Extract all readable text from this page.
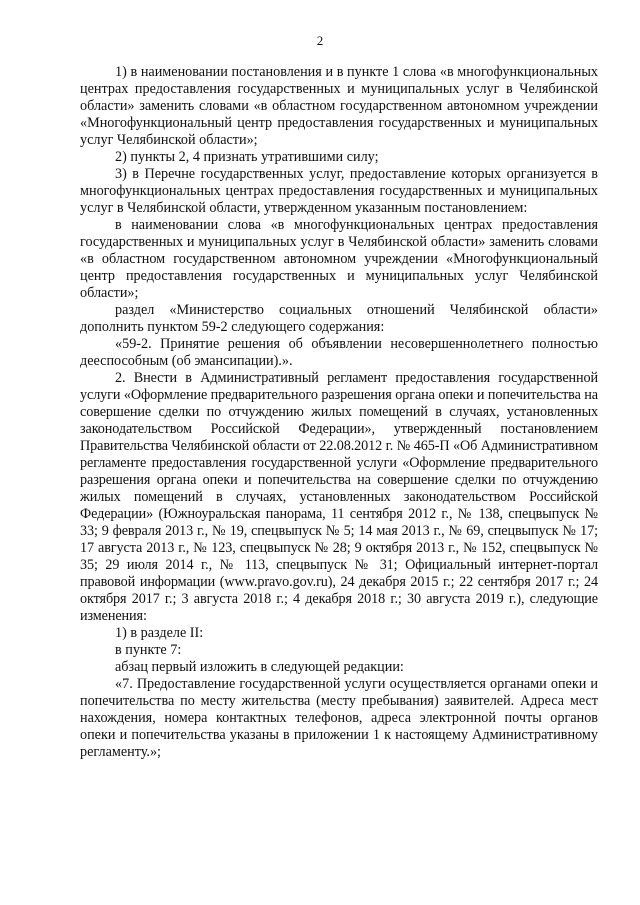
2

1) в наименовании постановления и в пункте 1 слова «в многофункциональных центрах предоставления государственных и муниципальных услуг в Челябинской области» заменить словами «в областном государственном автономном учреждении «Многофункциональный центр предоставления государственных и муниципальных услуг Челябинской области»;

2) пункты 2, 4 признать утратившими силу;

3) в Перечне государственных услуг, предоставление которых организуется в многофункциональных центрах предоставления государственных и муниципальных услуг в Челябинской области, утвержденном указанным постановлением:

в наименовании слова «в многофункциональных центрах предоставления государственных и муниципальных услуг в Челябинской области» заменить словами «в областном государственном автономном учреждении «Многофункциональный центр предоставления государственных и муниципальных услуг Челябинской области»;

раздел «Министерство социальных отношений Челябинской области» дополнить пунктом 59-2 следующего содержания:

«59-2. Принятие решения об объявлении несовершеннолетнего полностью дееспособным (об эмансипации).».

2. Внести в Административный регламент предоставления государственной услуги «Оформление предварительного разрешения органа опеки и попечительства на совершение сделки по отчуждению жилых помещений в случаях, установленных законодательством Российской Федерации», утвержденный постановлением Правительства Челябинской области от 22.08.2012 г. № 465-П «Об Административном регламенте предоставления государственной услуги «Оформление предварительного разрешения органа опеки и попечительства на совершение сделки по отчуждению жилых помещений в случаях, установленных законодательством Российской Федерации» (Южноуральская панорама, 11 сентября 2012 г., № 138, спецвыпуск № 33; 9 февраля 2013 г., № 19, спецвыпуск № 5; 14 мая 2013 г., № 69, спецвыпуск № 17; 17 августа 2013 г., № 123, спецвыпуск № 28; 9 октября 2013 г., № 152, спецвыпуск № 35; 29 июля 2014 г., № 113, спецвыпуск № 31; Официальный интернет-портал правовой информации (www.pravo.gov.ru), 24 декабря 2015 г.; 22 сентября 2017 г.; 24 октября 2017 г.; 3 августа 2018 г.; 4 декабря 2018 г.; 30 августа 2019 г.), следующие изменения:

1) в разделе II:

в пункте 7:

абзац первый изложить в следующей редакции:

«7. Предоставление государственной услуги осуществляется органами опеки и попечительства по месту жительства (месту пребывания) заявителей. Адреса мест нахождения, номера контактных телефонов, адреса электронной почты органов опеки и попечительства указаны в приложении 1 к настоящему Административному регламенту.»;
